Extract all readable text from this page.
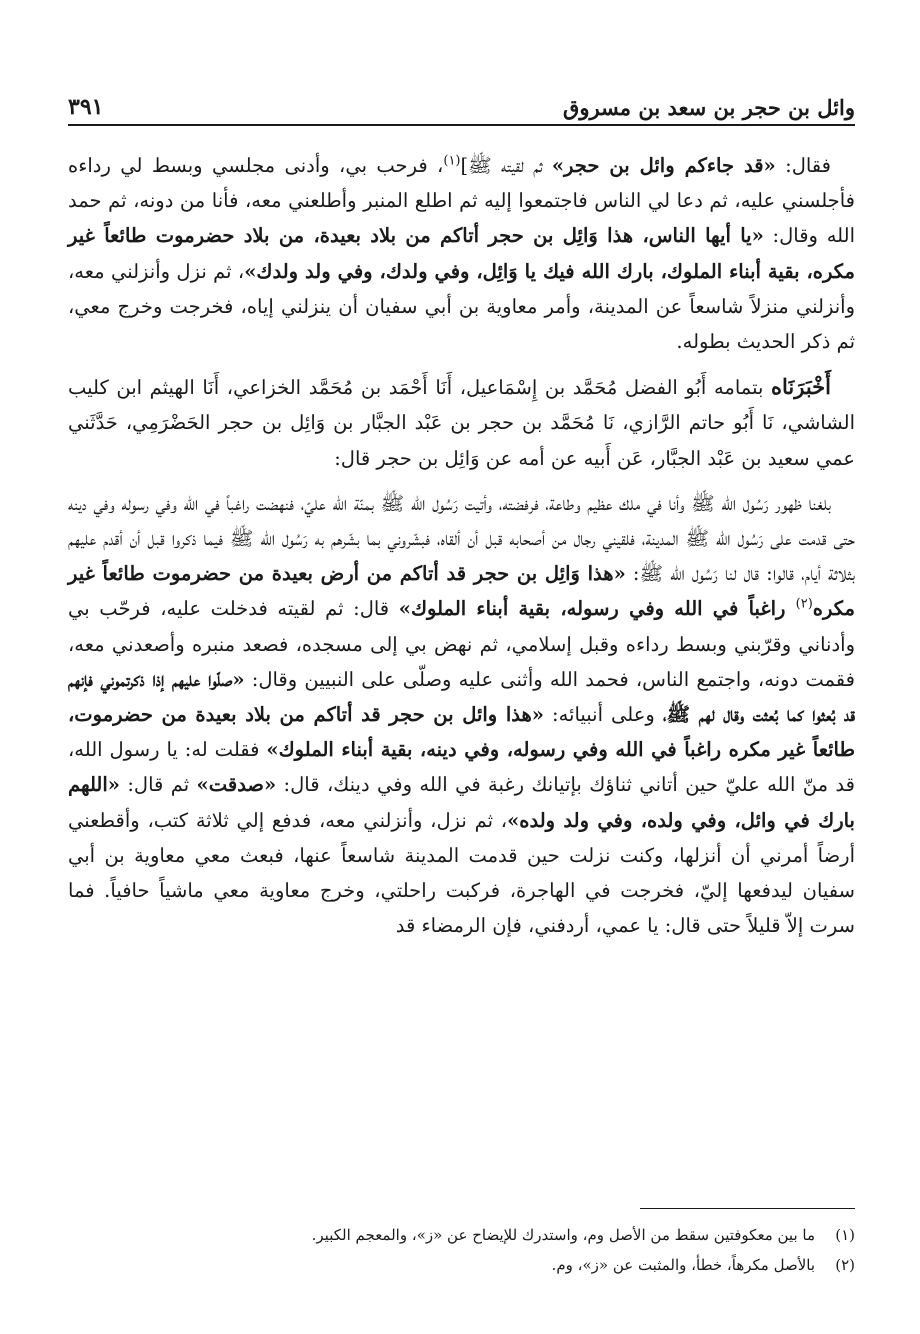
وائل بن حجر بن سعد بن مسروق
٣٩١

فقال: «قد جاءكم وائل بن حجر» ثم لقيته ﷺ]$^{(١)}$، فرحب بي، وأدنى مجلسي وبسط لي رداءه فأجلسني عليه، ثم دعا لي الناس فاجتمعوا إليه ثم اطلع المنبر وأطلعني معه، فأنا من دونه، ثم حمد الله وقال: «يا أيها الناس، هذا وَائِل بن حجر أتاكم من بلاد بعيدة، من بلاد حضرموت طائعاً غير مكره، بقية أبناء الملوك، بارك الله فيك يا وَائِل، وفي ولدك، وفي ولد ولدك»، ثم نزل وأنزلني معه، وأنزلني منزلاً شاسعاً عن المدينة، وأمر معاوية بن أبي سفيان أن ينزلني إياه، فخرجت وخرج معي، ثم ذكر الحديث بطوله.

أَخْبَرَنَاه بتمامه أَبُو الفضل مُحَمَّد بن إِسْمَاعيل، أَنَا أَحْمَد بن مُحَمَّد الخزاعي، أَنَا الهيثم ابن كليب الشاشي، نَا أَبُو حاتم الرَّازي، نَا مُحَمَّد بن حجر بن عَبْد الجبَّار بن وَائِل بن حجر الحَضْرَمِي، حَدَّثَني عمي سعيد بن عَبْد الجبَّار، عَن أَبيه عن أمه عن وَائِل بن حجر قال:

بلغنا ظهور رَسُول الله ﷺ وأنا في ملك عظيم وطاعة، فرفضته، وأتيت رَسُول الله ﷺ بمنّة الله عليّ، فنهضت راغباً في الله وفي رسوله وفي دينه حتى قدمت على رَسُول الله ﷺ المدينة، فلقيني رجال من أصحابه قبل أن ألقاه، فبشّروني بما بشّرهم به رَسُول الله ﷺ فيما ذكروا قبل أن أقدم عليهم بثلاثة أيام، قالوا: قال لنا رَسُول الله ﷺ: «هذا وَائِل بن حجر قد أتاكم من أرض بعيدة من حضرموت طائعاً غير مكره$^{(٢)}$ راغباً في الله وفي رسوله، بقية أبناء الملوك» قال: ثم لقيته فدخلت عليه، فرحّب بي وأدناني وقرّبني وبسط رداءه وقبل إسلامي، ثم نهض بي إلى مسجده، فصعد منبره وأصعدني معه، فقمت دونه، واجتمع الناس، فحمد الله وأثنى عليه وصلّى على النبيين وقال: «صلّوا عليهم إذا ذكرتموني فإنهم قد بُعثوا كما بُعثت وقال لهم ﷺ، وعلى أنبيائه: «هذا وائل بن حجر قد أتاكم من بلاد بعيدة من حضرموت، طائعاً غير مكره راغباً في الله وفي رسوله، وفي دينه، بقية أبناء الملوك» فقلت له: يا رسول الله، قد منّ الله عليّ حين أتاني ثناؤك بإتيانك رغبة في الله وفي دينك، قال: «صدقت» ثم قال: «اللهم بارك في وائل، وفي ولده، وفي ولد ولده»، ثم نزل، وأنزلني معه، فدفع إلي ثلاثة كتب، وأقطعني أرضاً أمرني أن أنزلها، وكنت نزلت حين قدمت المدينة شاسعاً عنها، فبعث معي معاوية بن أبي سفيان ليدفعها إليّ، فخرجت في الهاجرة، فركبت راحلتي، وخرج معاوية معي ماشياً حافياً. فما سرت إلاّ قليلاً حتى قال: يا عمي، أردفني، فإن الرمضاء قد

(١)
ما بين معكوفتين سقط من الأصل وم، واستدرك للإيضاح عن «ز»، والمعجم الكبير.
(٢)
بالأصل مكرهاً، خطأ، والمثبت عن «ز»، وم.
